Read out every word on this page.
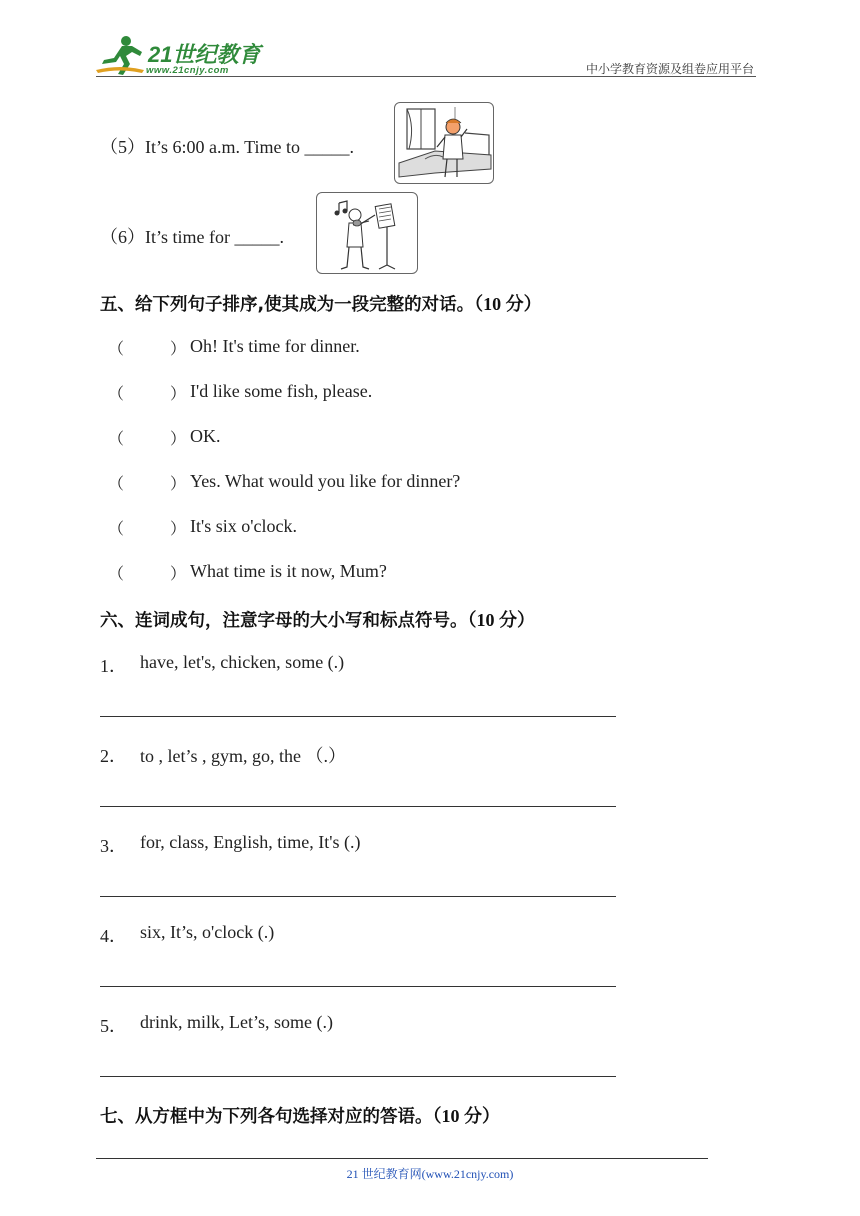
21世纪教育
www.21cnjy.com	中小学教育资源及组卷应用平台
（5）It’s 6:00 a.m. Time to _____.
（6）It’s time for _____.
五、给下列句子排序,使其成为一段完整的对话。（10 分）
（	） Oh! It's time for dinner.
（	） I'd like some fish, please.
（	） OK.
（	） Yes. What would you like for dinner?
（	） It's six o'clock.
（	） What time is it now, Mum?
六、连词成句，注意字母的大小写和标点符号。（10 分）
1． have, let's, chicken, some (.)
2． to , let’s , gym, go, the （.）
3． for, class, English, time, It's (.)
4． six, It’s, o'clock (.)
5． drink, milk, Let’s, some (.)
七、从方框中为下列各句选择对应的答语。（10 分）
21 世纪教育网(www.21cnjy.com)
